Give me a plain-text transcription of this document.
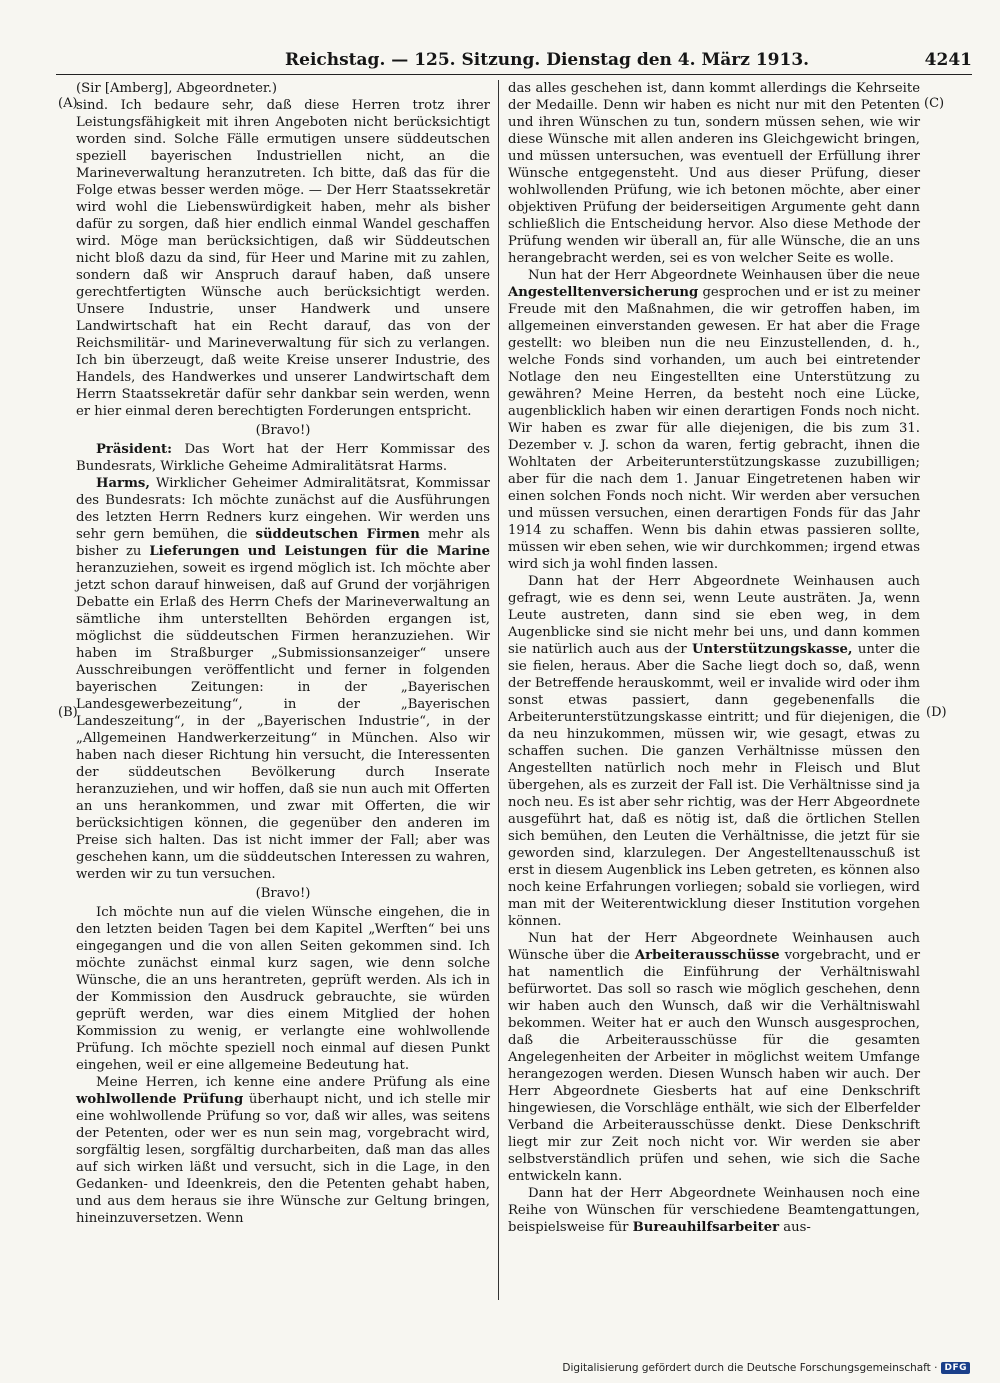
Reichstag. — 125. Sitzung. Dienstag den 4. März 1913.	4241
(A)
(B)
(C)
(D)

(Sir [Amberg], Abgeordneter.)

sind. Ich bedaure sehr, daß diese Herren trotz ihrer Leistungsfähigkeit mit ihren Angeboten nicht berücksichtigt worden sind. Solche Fälle ermutigen unsere süddeutschen speziell bayerischen Industriellen nicht, an die Marineverwaltung heranzutreten. Ich bitte, daß das für die Folge etwas besser werden möge. — Der Herr Staatssekretär wird wohl die Liebenswürdigkeit haben, mehr als bisher dafür zu sorgen, daß hier endlich einmal Wandel geschaffen wird. Möge man berücksichtigen, daß wir Süddeutschen nicht bloß dazu da sind, für Heer und Marine mit zu zahlen, sondern daß wir Anspruch darauf haben, daß unsere gerechtfertigten Wünsche auch berücksichtigt werden. Unsere Industrie, unser Handwerk und unsere Landwirtschaft hat ein Recht darauf, das von der Reichsmilitär- und Marineverwaltung für sich zu verlangen. Ich bin überzeugt, daß weite Kreise unserer Industrie, des Handels, des Handwerkes und unserer Landwirtschaft dem Herrn Staatssekretär dafür sehr dankbar sein werden, wenn er hier einmal deren berechtigten Forderungen entspricht.

(Bravo!)

Präsident: Das Wort hat der Herr Kommissar des Bundesrats, Wirkliche Geheime Admiralitätsrat Harms.

Harms, Wirklicher Geheimer Admiralitätsrat, Kommissar des Bundesrats: Ich möchte zunächst auf die Ausführungen des letzten Herrn Redners kurz eingehen. Wir werden uns sehr gern bemühen, die süddeutschen Firmen mehr als bisher zu Lieferungen und Leistungen für die Marine heranzuziehen, soweit es irgend möglich ist. Ich möchte aber jetzt schon darauf hinweisen, daß auf Grund der vorjährigen Debatte ein Erlaß des Herrn Chefs der Marineverwaltung an sämtliche ihm unterstellten Behörden ergangen ist, möglichst die süddeutschen Firmen heranzuziehen. Wir haben im Straßburger „Submissionsanzeiger“ unsere Ausschreibungen veröffentlicht und ferner in folgenden bayerischen Zeitungen: in der „Bayerischen Landesgewerbezeitung“, in der „Bayerischen Landeszeitung“, in der „Bayerischen Industrie“, in der „Allgemeinen Handwerkerzeitung“ in München. Also wir haben nach dieser Richtung hin versucht, die Interessenten der süddeutschen Bevölkerung durch Inserate heranzuziehen, und wir hoffen, daß sie nun auch mit Offerten an uns herankommen, und zwar mit Offerten, die wir berücksichtigen können, die gegenüber den anderen im Preise sich halten. Das ist nicht immer der Fall; aber was geschehen kann, um die süddeutschen Interessen zu wahren, werden wir zu tun versuchen.

(Bravo!)

Ich möchte nun auf die vielen Wünsche eingehen, die in den letzten beiden Tagen bei dem Kapitel „Werften“ bei uns eingegangen und die von allen Seiten gekommen sind. Ich möchte zunächst einmal kurz sagen, wie denn solche Wünsche, die an uns herantreten, geprüft werden. Als ich in der Kommission den Ausdruck gebrauchte, sie würden geprüft werden, war dies einem Mitglied der hohen Kommission zu wenig, er verlangte eine wohlwollende Prüfung. Ich möchte speziell noch einmal auf diesen Punkt eingehen, weil er eine allgemeine Bedeutung hat.

Meine Herren, ich kenne eine andere Prüfung als eine wohlwollende Prüfung überhaupt nicht, und ich stelle mir eine wohlwollende Prüfung so vor, daß wir alles, was seitens der Petenten, oder wer es nun sein mag, vorgebracht wird, sorgfältig lesen, sorgfältig durcharbeiten, daß man das alles auf sich wirken läßt und versucht, sich in die Lage, in den Gedanken- und Ideenkreis, den die Petenten gehabt haben, und aus dem heraus sie ihre Wünsche zur Geltung bringen, hineinzuversetzen. Wenn

das alles geschehen ist, dann kommt allerdings die Kehrseite der Medaille. Denn wir haben es nicht nur mit den Petenten und ihren Wünschen zu tun, sondern müssen sehen, wie wir diese Wünsche mit allen anderen ins Gleichgewicht bringen, und müssen untersuchen, was eventuell der Erfüllung ihrer Wünsche entgegensteht. Und aus dieser Prüfung, dieser wohlwollenden Prüfung, wie ich betonen möchte, aber einer objektiven Prüfung der beiderseitigen Argumente geht dann schließlich die Entscheidung hervor. Also diese Methode der Prüfung wenden wir überall an, für alle Wünsche, die an uns herangebracht werden, sei es von welcher Seite es wolle.

Nun hat der Herr Abgeordnete Weinhausen über die neue Angestelltenversicherung gesprochen und er ist zu meiner Freude mit den Maßnahmen, die wir getroffen haben, im allgemeinen einverstanden gewesen. Er hat aber die Frage gestellt: wo bleiben nun die neu Einzustellenden, d. h., welche Fonds sind vorhanden, um auch bei eintretender Notlage den neu Eingestellten eine Unterstützung zu gewähren? Meine Herren, da besteht noch eine Lücke, augenblicklich haben wir einen derartigen Fonds noch nicht. Wir haben es zwar für alle diejenigen, die bis zum 31. Dezember v. J. schon da waren, fertig gebracht, ihnen die Wohltaten der Arbeiterunterstützungskasse zuzubilligen; aber für die nach dem 1. Januar Eingetretenen haben wir einen solchen Fonds noch nicht. Wir werden aber versuchen und müssen versuchen, einen derartigen Fonds für das Jahr 1914 zu schaffen. Wenn bis dahin etwas passieren sollte, müssen wir eben sehen, wie wir durchkommen; irgend etwas wird sich ja wohl finden lassen.

Dann hat der Herr Abgeordnete Weinhausen auch gefragt, wie es denn sei, wenn Leute austräten. Ja, wenn Leute austreten, dann sind sie eben weg, in dem Augenblicke sind sie nicht mehr bei uns, und dann kommen sie natürlich auch aus der Unterstützungskasse, unter die sie fielen, heraus. Aber die Sache liegt doch so, daß, wenn der Betreffende herauskommt, weil er invalide wird oder ihm sonst etwas passiert, dann gegebenenfalls die Arbeiterunterstützungskasse eintritt; und für diejenigen, die da neu hinzukommen, müssen wir, wie gesagt, etwas zu schaffen suchen. Die ganzen Verhältnisse müssen den Angestellten natürlich noch mehr in Fleisch und Blut übergehen, als es zurzeit der Fall ist. Die Verhältnisse sind ja noch neu. Es ist aber sehr richtig, was der Herr Abgeordnete ausgeführt hat, daß es nötig ist, daß die örtlichen Stellen sich bemühen, den Leuten die Verhältnisse, die jetzt für sie geworden sind, klarzulegen. Der Angestelltenausschuß ist erst in diesem Augenblick ins Leben getreten, es können also noch keine Erfahrungen vorliegen; sobald sie vorliegen, wird man mit der Weiterentwicklung dieser Institution vorgehen können.

Nun hat der Herr Abgeordnete Weinhausen auch Wünsche über die Arbeiterausschüsse vorgebracht, und er hat namentlich die Einführung der Verhältniswahl befürwortet. Das soll so rasch wie möglich geschehen, denn wir haben auch den Wunsch, daß wir die Verhältniswahl bekommen. Weiter hat er auch den Wunsch ausgesprochen, daß die Arbeiterausschüsse für die gesamten Angelegenheiten der Arbeiter in möglichst weitem Umfange herangezogen werden. Diesen Wunsch haben wir auch. Der Herr Abgeordnete Giesberts hat auf eine Denkschrift hingewiesen, die Vorschläge enthält, wie sich der Elberfelder Verband die Arbeiterausschüsse denkt. Diese Denkschrift liegt mir zur Zeit noch nicht vor. Wir werden sie aber selbstverständlich prüfen und sehen, wie sich die Sache entwickeln kann.

Dann hat der Herr Abgeordnete Weinhausen noch eine Reihe von Wünschen für verschiedene Beamtengattungen, beispielsweise für Bureauhilfsarbeiter aus-

Digitalisierung gefördert durch die Deutsche Forschungsgemeinschaft · DFG
